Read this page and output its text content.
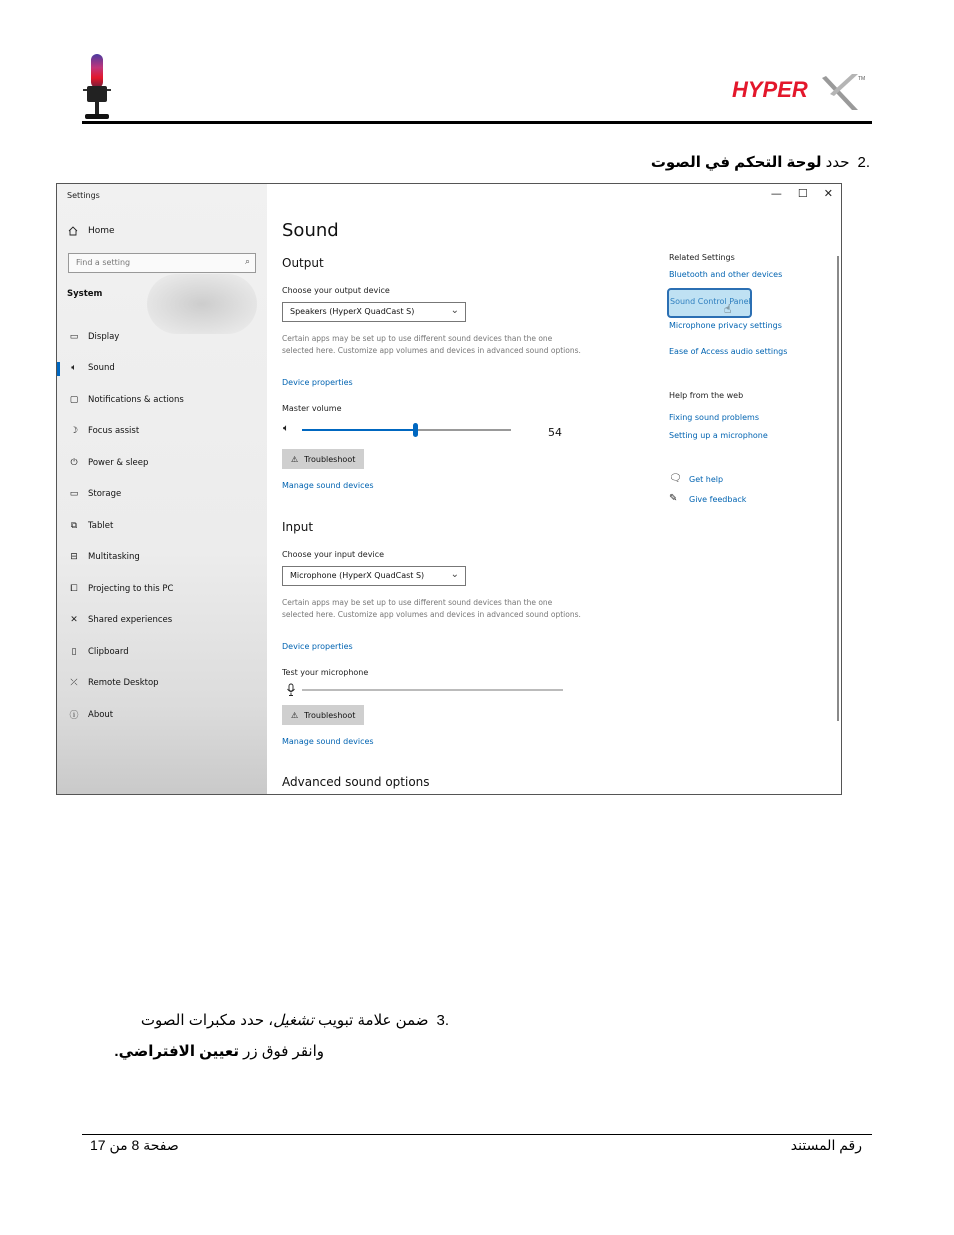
HYPER	TM
.2حدد لوحة التحكم في الصوت
Settings
Home
Find a setting	⌕
System
▭	Display
🔈︎	Sound
▢	Notifications & actions
☽	Focus assist
⏻	Power & sleep
▭	Storage
⧉	Tablet
⊟	Multitasking
⧠	Projecting to this PC
✕	Shared experiences
▯	Clipboard
⤫	Remote Desktop
ⓘ About
— ☐ ✕
Sound
Output
Choose your output device
Speakers (HyperX QuadCast S)	⌄
Certain apps may be set up to use different sound devices than the one selected here. Customize app volumes and devices in advanced sound options.
Device properties
Master volume
🔈︎	54
⚠ Troubleshoot
Manage sound devices
Input
Choose your input device
Microphone (HyperX QuadCast S)	⌄
Certain apps may be set up to use different sound devices than the one selected here. Customize app volumes and devices in advanced sound options.
Device properties
Test your microphone
⚠ Troubleshoot
Manage sound devices
Advanced sound options
Related Settings
Bluetooth and other devices
Sound Control Panel
☝
Microphone privacy settings
Ease of Access audio settings
Help from the web
Fixing sound problems
Setting up a microphone
🗨︎ Get help
✎ Give feedback
.3ضمن علامة تبويب تشغيل، حدد مكبرات الصوت
وانقر فوق زر تعيين الافتراضي.
صفحة 8 من 17	رقم المستند
